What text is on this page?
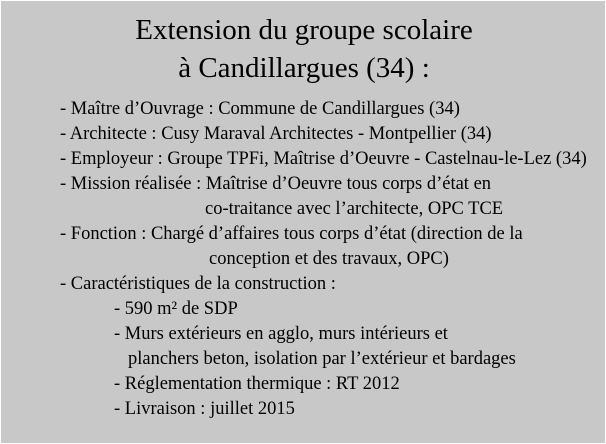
Extension du groupe scolaire
à Candillargues (34) :

- Maître d’Ouvrage : Commune de Candillargues (34)

- Architecte : Cusy Maraval Architectes - Montpellier (34)

- Employeur : Groupe TPFi, Maîtrise d’Oeuvre - Castelnau-le-Lez (34)

- Mission réalisée : Maîtrise d’Oeuvre tous corps d’état en

co-traitance avec l’architecte, OPC TCE

- Fonction : Chargé d’affaires tous corps d’état (direction de la

conception et des travaux, OPC)

- Caractéristiques de la construction :

- 590 m² de SDP

- Murs extérieurs en agglo, murs intérieurs et

planchers beton, isolation par l’extérieur et bardages

- Réglementation thermique : RT 2012

- Livraison : juillet 2015
